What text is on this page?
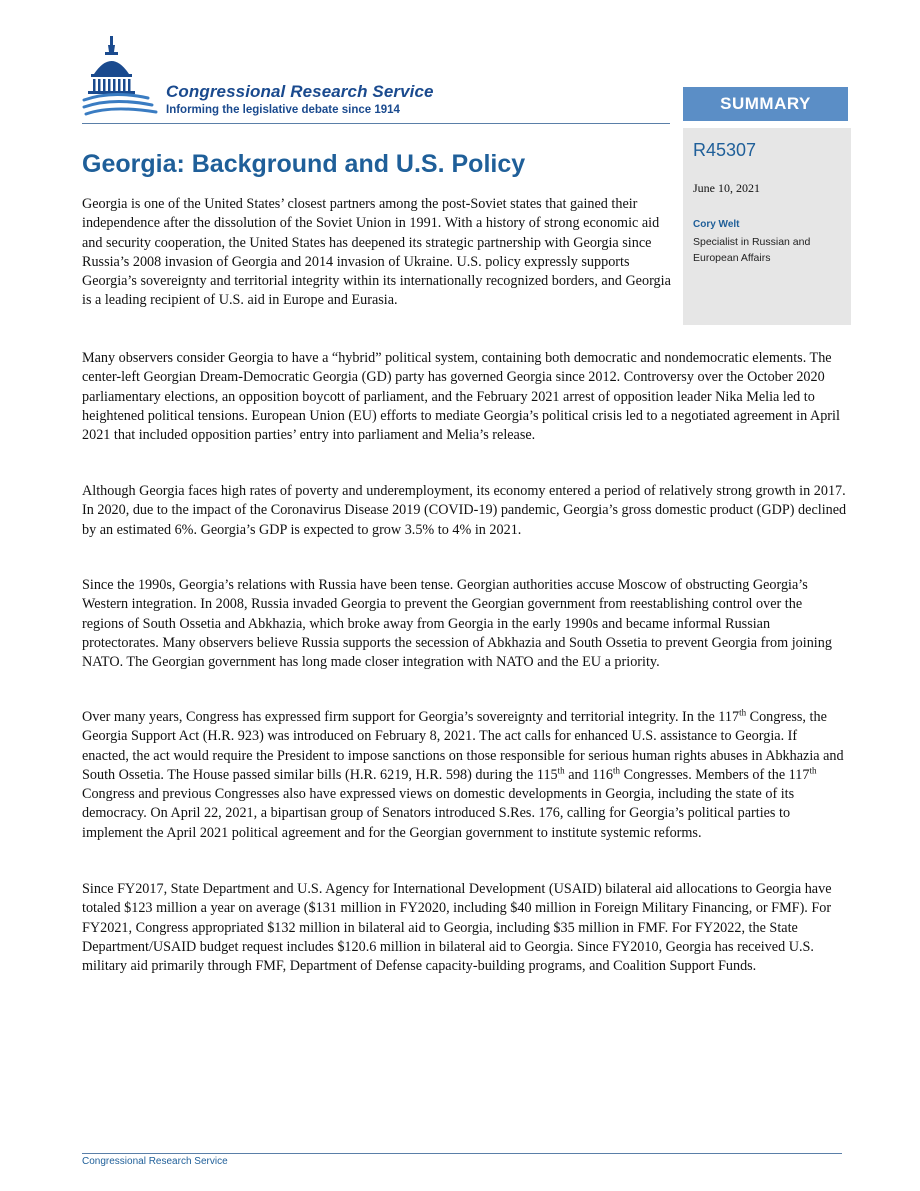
Congressional Research Service
Informing the legislative debate since 1914	SUMMARY
R45307
June 10, 2021
Cory Welt
Specialist in Russian and European Affairs
Georgia: Background and U.S. Policy

Georgia is one of the United States’ closest partners among the post-Soviet states that gained their independence after the dissolution of the Soviet Union in 1991. With a history of strong economic aid and security cooperation, the United States has deepened its strategic partnership with Georgia since Russia’s 2008 invasion of Georgia and 2014 invasion of Ukraine. U.S. policy expressly supports Georgia’s sovereignty and territorial integrity within its internationally recognized borders, and Georgia is a leading recipient of U.S. aid in Europe and Eurasia.

Many observers consider Georgia to have a “hybrid” political system, containing both democratic and nondemocratic elements. The center-left Georgian Dream-Democratic Georgia (GD) party has governed Georgia since 2012. Controversy over the October 2020 parliamentary elections, an opposition boycott of parliament, and the February 2021 arrest of opposition leader Nika Melia led to heightened political tensions. European Union (EU) efforts to mediate Georgia’s political crisis led to a negotiated agreement in April 2021 that included opposition parties’ entry into parliament and Melia’s release.

Although Georgia faces high rates of poverty and underemployment, its economy entered a period of relatively strong growth in 2017. In 2020, due to the impact of the Coronavirus Disease 2019 (COVID-19) pandemic, Georgia’s gross domestic product (GDP) declined by an estimated 6%. Georgia’s GDP is expected to grow 3.5% to 4% in 2021.

Since the 1990s, Georgia’s relations with Russia have been tense. Georgian authorities accuse Moscow of obstructing Georgia’s Western integration. In 2008, Russia invaded Georgia to prevent the Georgian government from reestablishing control over the regions of South Ossetia and Abkhazia, which broke away from Georgia in the early 1990s and became informal Russian protectorates. Many observers believe Russia supports the secession of Abkhazia and South Ossetia to prevent Georgia from joining NATO. The Georgian government has long made closer integration with NATO and the EU a priority.

Over many years, Congress has expressed firm support for Georgia’s sovereignty and territorial integrity. In the 117th Congress, the Georgia Support Act (H.R. 923) was introduced on February 8, 2021. The act calls for enhanced U.S. assistance to Georgia. If enacted, the act would require the President to impose sanctions on those responsible for serious human rights abuses in Abkhazia and South Ossetia. The House passed similar bills (H.R. 6219, H.R. 598) during the 115th and 116th Congresses. Members of the 117th Congress and previous Congresses also have expressed views on domestic developments in Georgia, including the state of its democracy. On April 22, 2021, a bipartisan group of Senators introduced S.Res. 176, calling for Georgia’s political parties to implement the April 2021 political agreement and for the Georgian government to institute systemic reforms.

Since FY2017, State Department and U.S. Agency for International Development (USAID) bilateral aid allocations to Georgia have totaled $123 million a year on average ($131 million in FY2020, including $40 million in Foreign Military Financing, or FMF). For FY2021, Congress appropriated $132 million in bilateral aid to Georgia, including $35 million in FMF. For FY2022, the State Department/USAID budget request includes $120.6 million in bilateral aid to Georgia. Since FY2010, Georgia has received U.S. military aid primarily through FMF, Department of Defense capacity-building programs, and Coalition Support Funds.

Congressional Research Service
